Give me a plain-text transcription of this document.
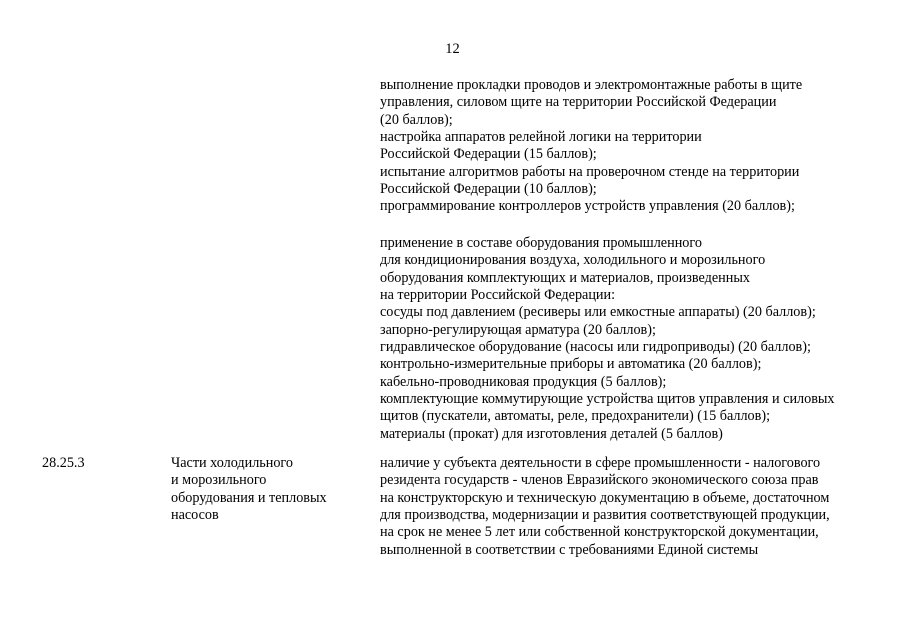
12
выполнение прокладки проводов и электромонтажные работы в щите
управления, силовом щите на территории Российской Федерации
(20 баллов);
настройка аппаратов релейной логики на территории
Российской Федерации (15 баллов);
испытание алгоритмов работы на проверочном стенде на территории
Российской Федерации (10 баллов);
программирование контроллеров устройств управления (20 баллов);
применение в составе оборудования промышленного
для кондиционирования воздуха, холодильного и морозильного
оборудования комплектующих и материалов, произведенных
на территории Российской Федерации:
сосуды под давлением (ресиверы или емкостные аппараты) (20 баллов);
запорно-регулирующая арматура (20 баллов);
гидравлическое оборудование (насосы или гидроприводы) (20 баллов);
контрольно-измерительные приборы и автоматика (20 баллов);
кабельно-проводниковая продукция (5 баллов);
комплектующие коммутирующие устройства щитов управления и силовых
щитов (пускатели, автоматы, реле, предохранители) (15 баллов);
материалы (прокат) для изготовления деталей (5 баллов)
28.25.3	Части холодильного
и морозильного
оборудования и тепловых
насосов
наличие у субъекта деятельности в сфере промышленности - налогового
резидента государств - членов Евразийского экономического союза прав
на конструкторскую и техническую документацию в объеме, достаточном
для производства, модернизации и развития соответствующей продукции,
на срок не менее 5 лет или собственной конструкторской документации,
выполненной в соответствии с требованиями Единой системы
